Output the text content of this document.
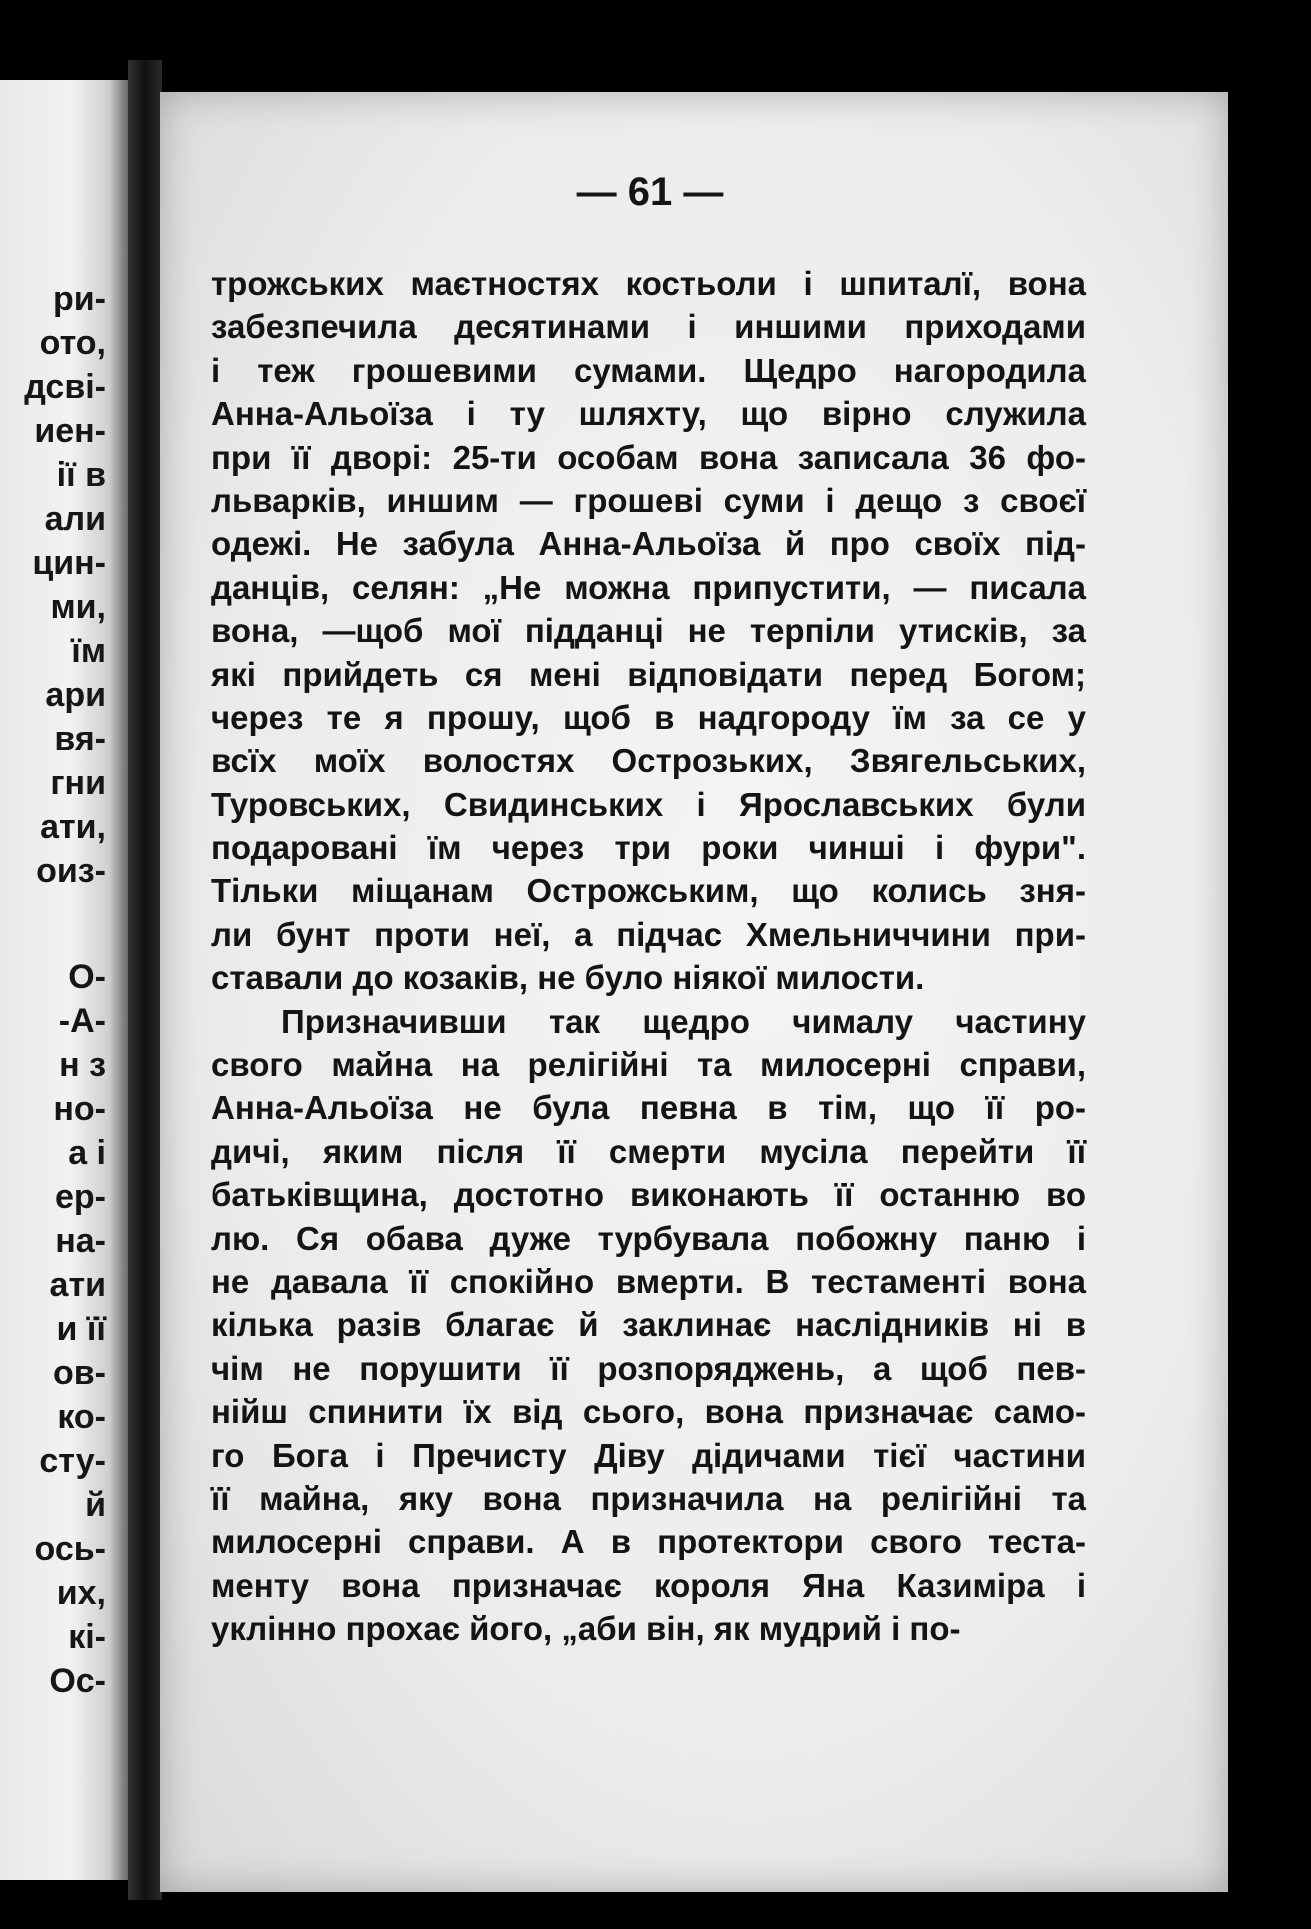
ри-
ото,
дсві-
иен-
ії в
али
цин-
ми,
їм
ари
вя-
гни
ати,
оиз-
О-
-А-
н з
но-
а і
ер-
на-
ати
и її
ов-
ко-
сту-
й
ось-
их,
кі-
Ос-
— 61 —
трожських маєтностях костьоли і шпиталї, вона
забезпечила десятинами і иншими приходами
і теж грошевими сумами. Щедро нагородила
Анна-Альоїза і ту шляхту, що вірно служила
при її дворі: 25-ти особам вона записала 36 фо-
льварків, иншим — грошеві суми і дещо з своєї
одежі. Не забула Анна-Альоїза й про своїх під-
данців, селян: „Не можна припустити, — писала
вона, —щоб мої підданці не терпіли утисків, за
які прийдеть ся мені відповідати перед Богом;
через те я прошу, щоб в надгороду їм за се у
всїх моїх волостях Острозьких, Звягельських,
Туровських, Свидинських і Ярославських були
подаровані їм через три роки чинші і фури".
Тільки міщанам Острожським, що колись зня-
ли бунт проти неї, а підчас Хмельниччини при-
ставали до козаків, не було ніякої милости.
Призначивши так щедро чималу частину
свого майна на релігійні та милосерні справи,
Анна-Альоїза не була певна в тім, що її ро-
дичі, яким після її смерти мусіла перейти її
батьківщина, достотно виконають її останню во
лю. Ся обава дуже турбувала побожну паню і
не давала її спокійно вмерти. В тестаменті вона
кілька разів благає й заклинає наслідників ні в
чім не порушити її розпоряджень, а щоб пев-
нійш спинити їх від сього, вона призначає само-
го Бога і Пречисту Діву дідичами тієї частини
її майна, яку вона призначила на релігійні та
милосерні справи. А в протектори свого теста-
менту вона призначає короля Яна Казиміра і
уклінно прохає його, „аби він, як мудрий і по-
